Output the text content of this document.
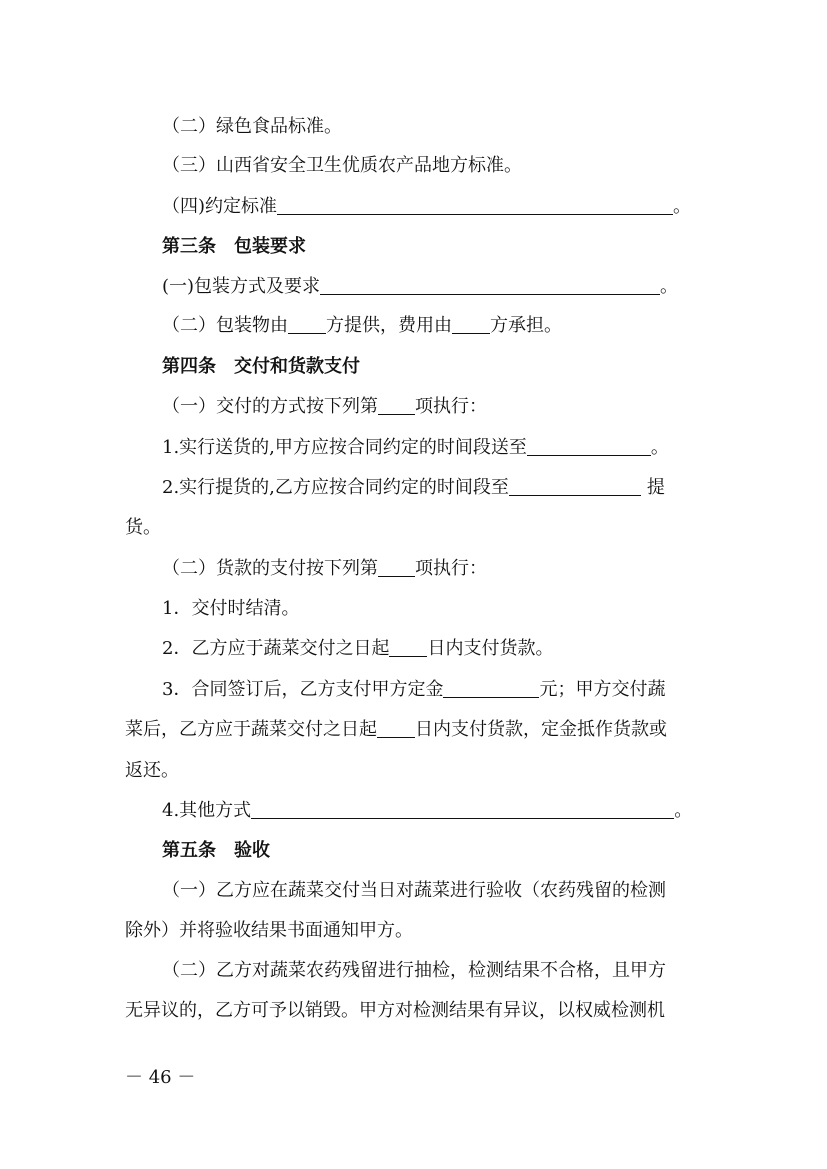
（二）绿色食品标准。
（三）山西省安全卫生优质农产品地方标准。
（四)约定标准	。
第三条　包装要求
(一)包装方式及要求	。
（二）包装物由 方提供，费用由 方承担。
第四条　交付和货款支付
（一）交付的方式按下列第 项执行：
1.实行送货的,甲方应按合同约定的时间段送至	。
2.实行提货的,乙方应按合同约定的时间段至	提
货。
（二）货款的支付按下列第 项执行：
1．交付时结清。
2．乙方应于蔬菜交付之日起 日内支付货款。
3．合同签订后，乙方支付甲方定金	元；甲方交付蔬
菜后，乙方应于蔬菜交付之日起 日内支付货款，定金抵作货款或
返还。
4.其他方式	。
第五条　验收
（一）乙方应在蔬菜交付当日对蔬菜进行验收（农药残留的检测
除外）并将验收结果书面通知甲方。
（二）乙方对蔬菜农药残留进行抽检，检测结果不合格，且甲方
无异议的，乙方可予以销毁。甲方对检测结果有异议，以权威检测机
－ 46 －
